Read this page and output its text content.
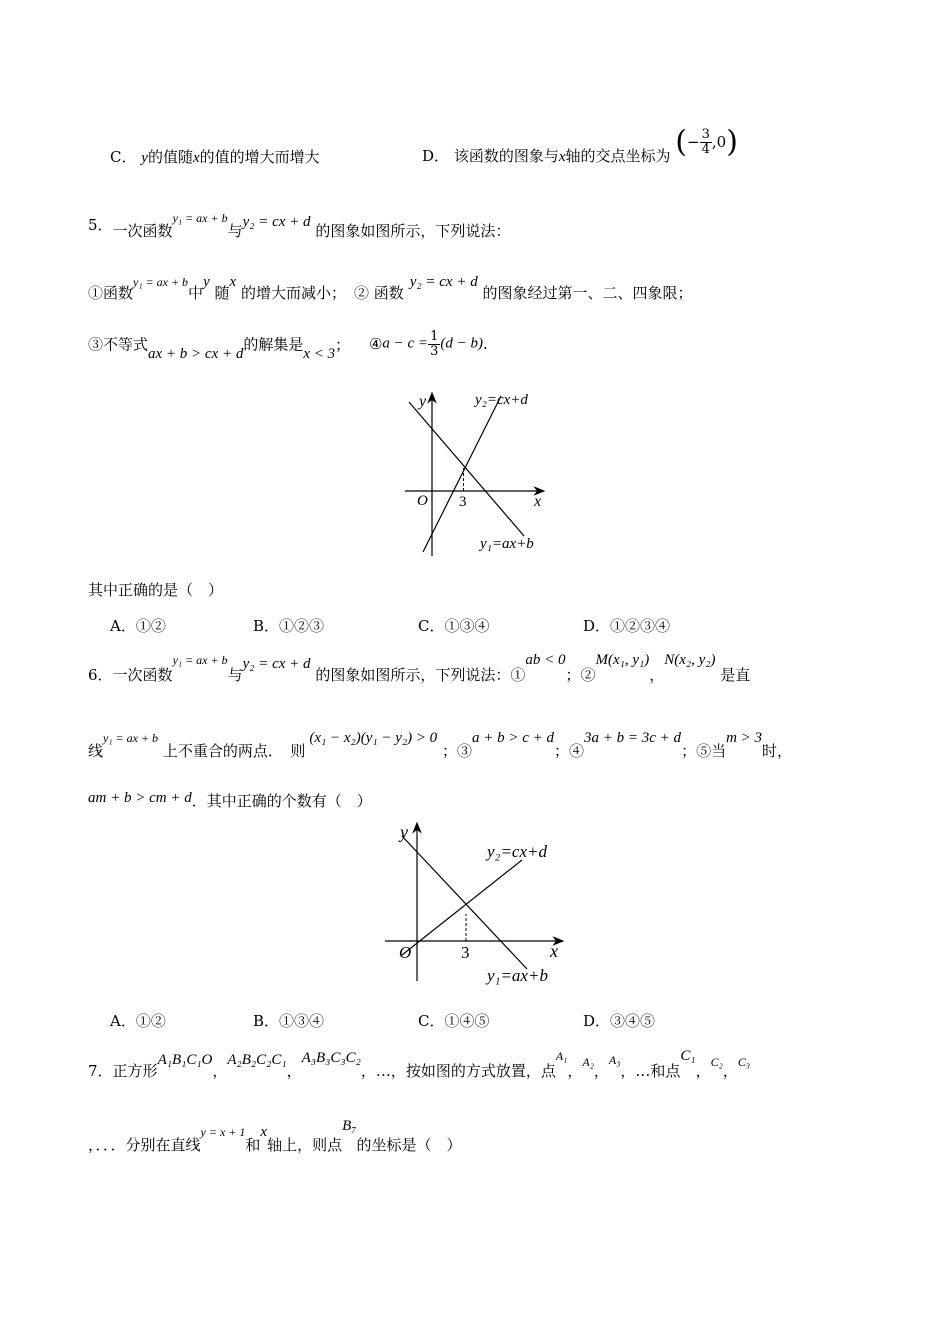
C． y的值随x的值的增大而增大	D． 该函数的图象与x轴的交点坐标为 (− $\frac{3}{4} ,0$)
5．一次函数$^{y_1 = ax + b}$与y₂ = cx + d 的图象如图所示，下列说法：
①函数y₁ = ax + b中y 随x 的增大而减小； ② 函数y₂ = cx + d 的图象经过第一、二、四象限；
③不等式ax + b > cx + d的解集是x < 3； ④a − $c = \frac{1}{3} (d - b)$.
y
x
O 3
y₂=cx+d
y₁=ax+b
其中正确的是（　）
A．①②	B．①②③	C．①③④	D．①②③④
6．一次函数y₁ = ax + b与y₂ = cx + d 的图象如图所示，下列说法：①ab < 0；②M(x₁, y₁)，N(x₂, y₂) 是直
线y₁ = ax + b 上不重合的两点．　则(x₁ − x₂)(y₁ − y₂) > 0 ；③a + b > c + d；④3a + b = 3c + d；⑤当m > 3时，
am + b > cm + d．其中正确的个数有（　）
y
x
O	3
y₂=cx+d
y₁=ax+b
A．①②	B．①③④	C．①④⑤	D．③④⑤
7．正方形A₁B₁C₁O，A₂B₂C₂C₁，A₃B₃C₃C₂，…，按如图的方式放置，点A₁，$_{A_2}$，$_{A_3}$，…和点C₁，$_{C_2}$，$_{C_3}$
，．．．分别在直线y = x + 1和x轴上，则点B₇的坐标是（　）
